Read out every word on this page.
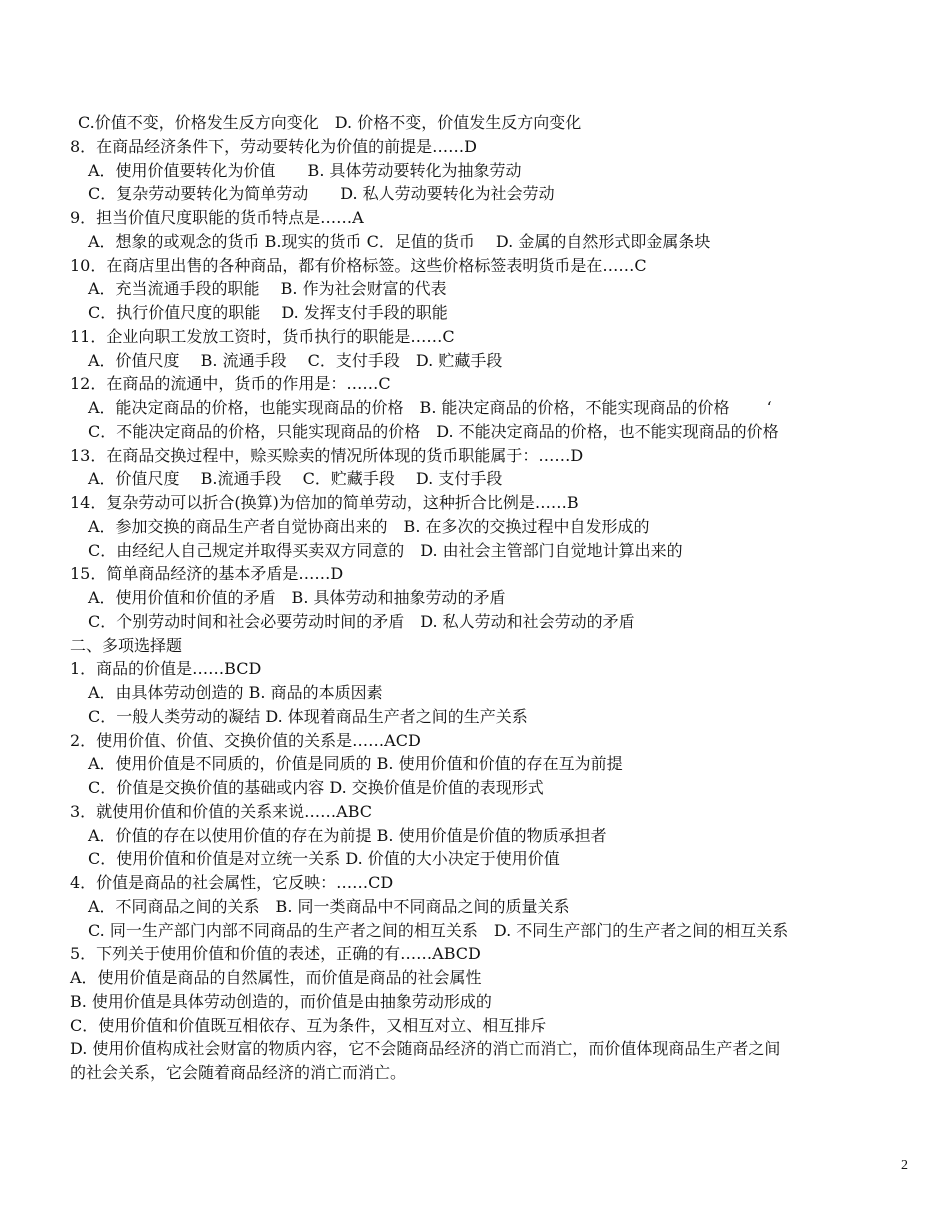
C.价值不变，价格发生反方向变化　D. 价格不变，价值发生反方向变化
8．在商品经济条件下，劳动要转化为价值的前提是……D
A．使用价值要转化为价值　　B. 具体劳动要转化为抽象劳动
C．复杂劳动要转化为简单劳动　　D. 私人劳动要转化为社会劳动
9．担当价值尺度职能的货币特点是……A
A．想象的或观念的货币 B.现实的货币 C．足值的货币　 D. 金属的自然形式即金属条块
10．在商店里出售的各种商品，都有价格标签。这些价格标签表明货币是在……C
A．充当流通手段的职能　 B. 作为社会财富的代表
C．执行价值尺度的职能　 D. 发挥支付手段的职能
11．企业向职工发放工资时，货币执行的职能是……C
A．价值尺度　 B. 流通手段　 C．支付手段　D. 贮藏手段
12．在商品的流通中，货币的作用是：……C
A．能决定商品的价格，也能实现商品的价格　B. 能决定商品的价格，不能实现商品的价格　　 ‘
C．不能决定商品的价格，只能实现商品的价格　D. 不能决定商品的价格，也不能实现商品的价格
13．在商品交换过程中，赊买赊卖的情况所体现的货币职能属于：……D
A．价值尺度　 B.流通手段　 C．贮藏手段　 D. 支付手段
14．复杂劳动可以折合(换算)为倍加的简单劳动，这种折合比例是……B
A．参加交换的商品生产者自觉协商出来的　B. 在多次的交换过程中自发形成的
C．由经纪人自己规定并取得买卖双方同意的　D. 由社会主管部门自觉地计算出来的
15．简单商品经济的基本矛盾是……D
A．使用价值和价值的矛盾　B. 具体劳动和抽象劳动的矛盾
C．个别劳动时间和社会必要劳动时间的矛盾　D. 私人劳动和社会劳动的矛盾
二、多项选择题
1．商品的价值是……BCD
A．由具体劳动创造的 B. 商品的本质因素
C．一般人类劳动的凝结 D. 体现着商品生产者之间的生产关系
2．使用价值、价值、交换价值的关系是……ACD
A．使用价值是不同质的，价值是同质的 B. 使用价值和价值的存在互为前提
C．价值是交换价值的基础或内容 D. 交换价值是价值的表现形式
3．就使用价值和价值的关系来说……ABC
A．价值的存在以使用价值的存在为前提 B. 使用价值是价值的物质承担者
C．使用价值和价值是对立统一关系 D. 价值的大小决定于使用价值
4．价值是商品的社会属性，它反映：……CD
A．不同商品之间的关系　B. 同一类商品中不同商品之间的质量关系
C. 同一生产部门内部不同商品的生产者之间的相互关系　D. 不同生产部门的生产者之间的相互关系
5．下列关于使用价值和价值的表述，正确的有……ABCD
A．使用价值是商品的自然属性，而价值是商品的社会属性
B. 使用价值是具体劳动创造的，而价值是由抽象劳动形成的
C．使用价值和价值既互相依存、互为条件，又相互对立、相互排斥
D. 使用价值构成社会财富的物质内容，它不会随商品经济的消亡而消亡，而价值体现商品生产者之间
的社会关系，它会随着商品经济的消亡而消亡。
2
